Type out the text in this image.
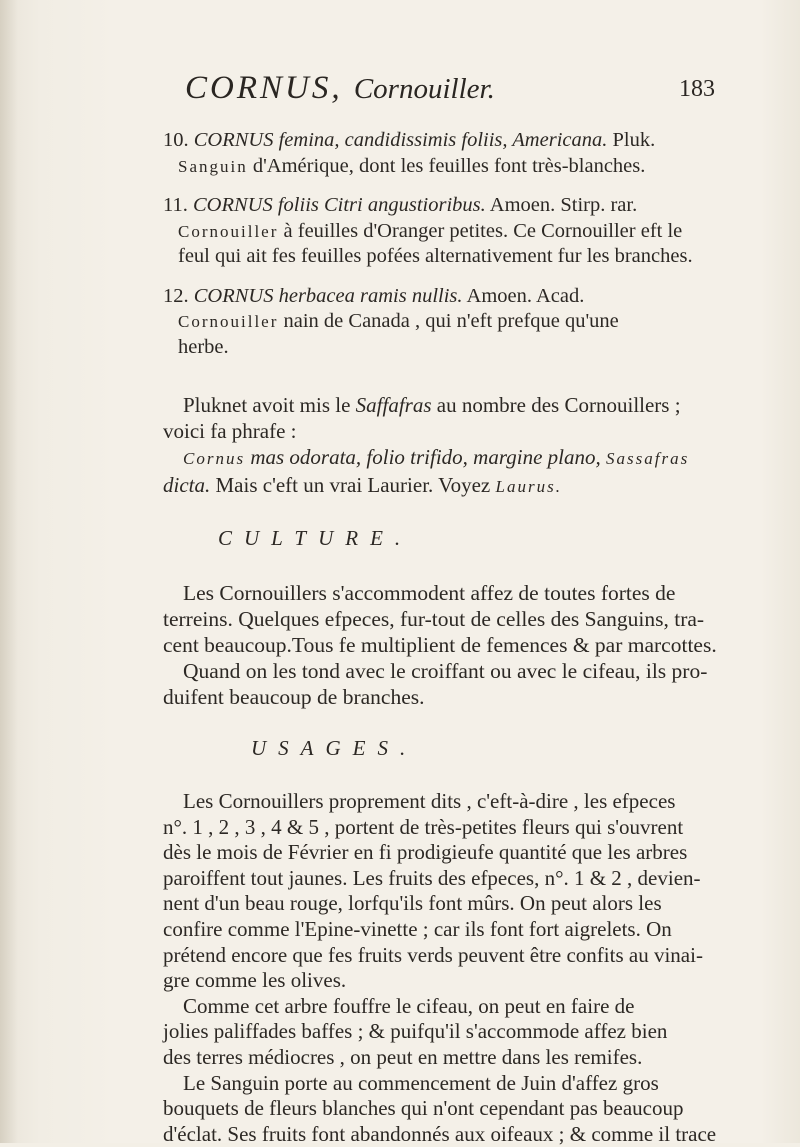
CORNUS, Cornouiller.	183
10. CORNUS femina, candidissimis foliis, Americana. Pluk.
Sanguin d'Amérique, dont les feuilles font très-blanches.
11. CORNUS foliis Citri angustioribus. Amoen. Stirp. rar.
Cornouiller à feuilles d'Oranger petites. Ce Cornouiller eft le
feul qui ait fes feuilles pofées alternativement fur les branches.
12. CORNUS herbacea ramis nullis. Amoen. Acad.
Cornouiller nain de Canada , qui n'eft prefque qu'une
herbe.
Pluknet avoit mis le Saffafras au nombre des Cornouillers ;
voici fa phrafe :
Cornus mas odorata, folio trifido, margine plano, Sassafras
dicta. Mais c'eft un vrai Laurier. Voyez Laurus.
CULTURE.
Les Cornouillers s'accommodent affez de toutes fortes de
terreins. Quelques efpeces, fur-tout de celles des Sanguins, tra-
cent beaucoup.Tous fe multiplient de femences & par marcottes.
Quand on les tond avec le croiffant ou avec le cifeau, ils pro-
duifent beaucoup de branches.
USAGES.
Les Cornouillers proprement dits , c'eft-à-dire , les efpeces
n°. 1 , 2 , 3 , 4 & 5 , portent de très-petites fleurs qui s'ouvrent
dès le mois de Février en fi prodigieufe quantité que les arbres
paroiffent tout jaunes. Les fruits des efpeces, n°. 1 & 2 , devien-
nent d'un beau rouge, lorfqu'ils font mûrs. On peut alors les
confire comme l'Epine-vinette ; car ils font fort aigrelets. On
prétend encore que fes fruits verds peuvent être confits au vinai-
gre comme les olives.
Comme cet arbre fouffre le cifeau, on peut en faire de
jolies paliffades baffes ; & puifqu'il s'accommode affez bien
des terres médiocres , on peut en mettre dans les remifes.
Le Sanguin porte au commencement de Juin d'affez gros
bouquets de fleurs blanches qui n'ont cependant pas beaucoup
d'éclat. Ses fruits font abandonnés aux oifeaux ; & comme il trace
